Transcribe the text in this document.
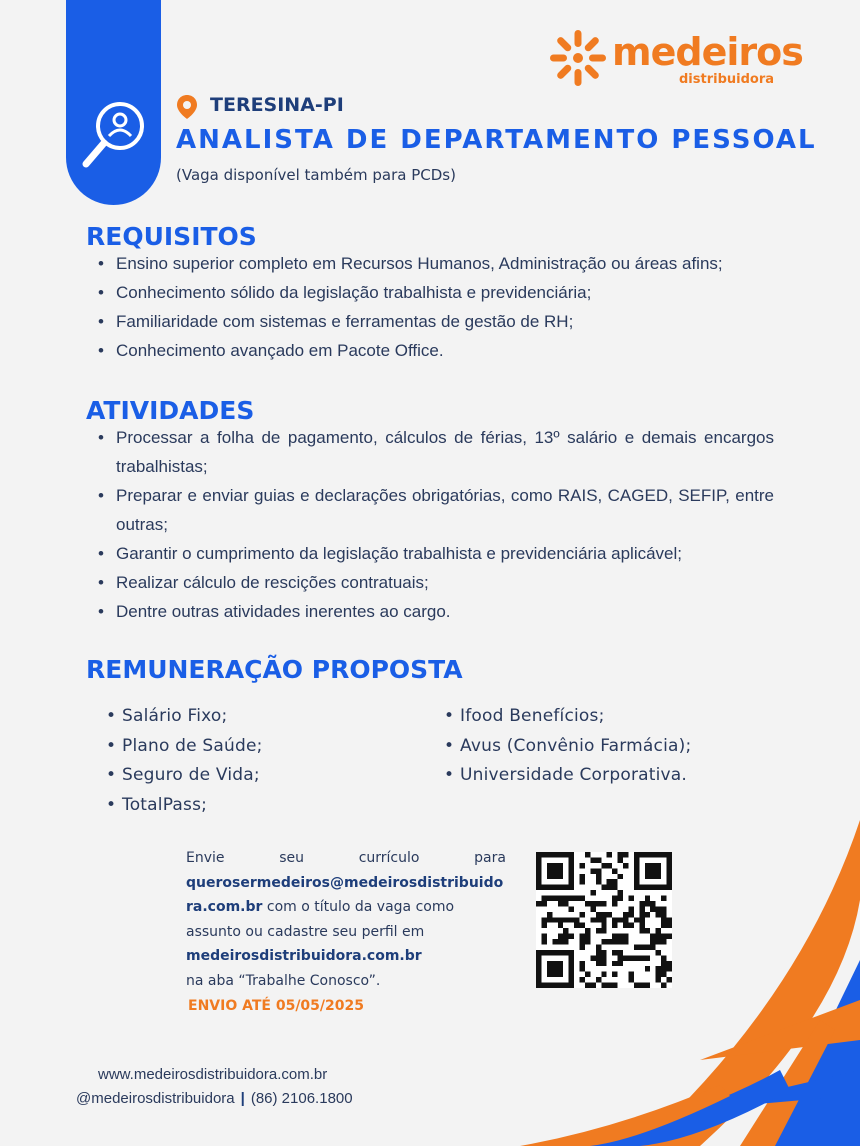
medeiros
distribuidora
TERESINA-PI
ANALISTA DE DEPARTAMENTO PESSOAL
(Vaga disponível também para PCDs)
REQUISITOS
• Ensino superior completo em Recursos Humanos, Administração ou áreas afins;
• Conhecimento sólido da legislação trabalhista e previdenciária;
• Familiaridade com sistemas e ferramentas de gestão de RH;
• Conhecimento avançado em Pacote Office.
ATIVIDADES
• Processar a folha de pagamento, cálculos de férias, 13º salário e demais encargos trabalhistas;
• Preparar e enviar guias e declarações obrigatórias, como RAIS, CAGED, SEFIP, entre outras;
• Garantir o cumprimento da legislação trabalhista e previdenciária aplicável;
• Realizar cálculo de rescições contratuais;
• Dentre outras atividades inerentes ao cargo.
REMUNERAÇÃO PROPOSTA
• Salário Fixo;
• Plano de Saúde;
• Seguro de Vida;
• TotalPass;
• Ifood Benefícios;
• Avus (Convênio Farmácia);
• Universidade Corporativa.
Envie	seu	currículo	para
querosermedeiros@medeirosdistribuidora.com.br com o título da vaga como assunto ou cadastre seu perfil em medeirosdistribuidora.com.br
na aba “Trabalhe Conosco”.
ENVIO ATÉ 05/05/2025
www.medeirosdistribuidora.com.br
@medeirosdistribuidora | (86) 2106.1800
